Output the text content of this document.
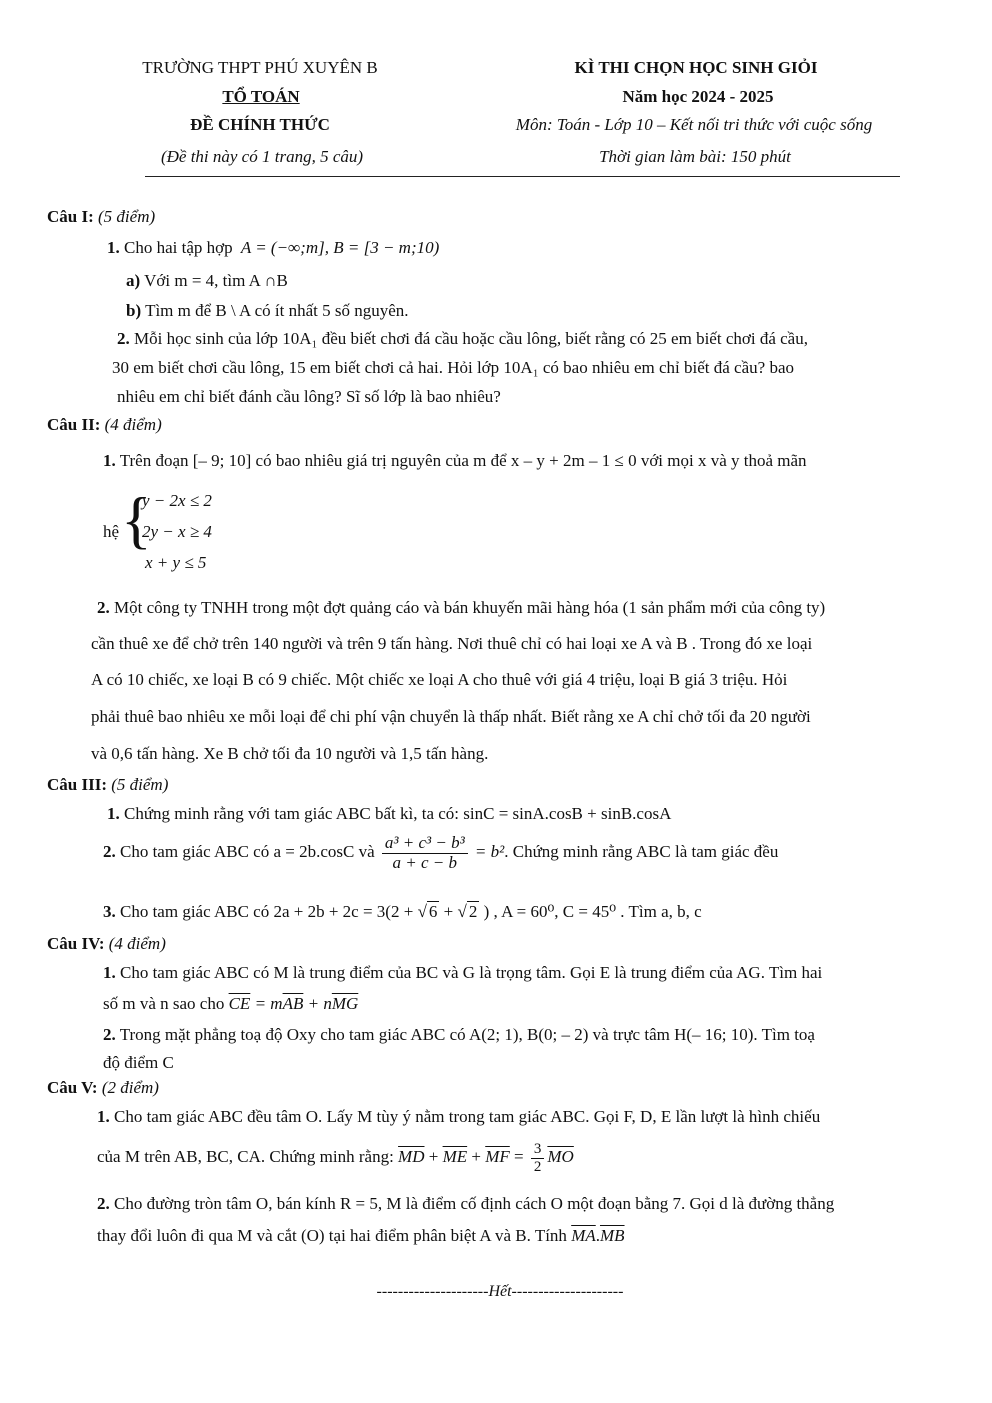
TRƯỜNG THPT PHÚ XUYÊN B
TỔ TOÁN
ĐỀ CHÍNH THỨC
(Đề thi này có 1 trang, 5 câu)
KÌ THI CHỌN HỌC SINH GIỎI
Năm học 2024 - 2025
Môn: Toán - Lớp 10 – Kết nối tri thức với cuộc sống
Thời gian làm bài: 150 phút
Câu I: (5 điểm)
1. Cho hai tập hợp A = (−∞;m], B = [3 − m;10)
a) Với m = 4, tìm A ∩B
b) Tìm m để B \ A có ít nhất 5 số nguyên.
2. Mỗi học sinh của lớp 10A₁ đều biết chơi đá cầu hoặc cầu lông, biết rằng có 25 em biết chơi đá cầu,
30 em biết chơi cầu lông, 15 em biết chơi cả hai. Hỏi lớp 10A₁ có bao nhiêu em chỉ biết đá cầu? bao
nhiêu em chỉ biết đánh cầu lông? Sĩ số lớp là bao nhiêu?
Câu II: (4 điểm)
1. Trên đoạn [– 9; 10] có bao nhiêu giá trị nguyên của m để x – y + 2m – 1 ≤ 0 với mọi x và y thoả mãn
hệ {
y − 2x ≤ 2
2y − x ≥ 4
x + y ≤ 5
2. Một công ty TNHH trong một đợt quảng cáo và bán khuyến mãi hàng hóa (1 sản phẩm mới của công ty)
cần thuê xe để chở trên 140 người và trên 9 tấn hàng. Nơi thuê chỉ có hai loại xe A và B . Trong đó xe loại
A có 10 chiếc, xe loại B có 9 chiếc. Một chiếc xe loại A cho thuê với giá 4 triệu, loại B giá 3 triệu. Hỏi
phải thuê bao nhiêu xe mỗi loại để chi phí vận chuyển là thấp nhất. Biết rằng xe A chỉ chở tối đa 20 người
và 0,6 tấn hàng. Xe B chở tối đa 10 người và 1,5 tấn hàng.
Câu III: (5 điểm)
1. Chứng minh rằng với tam giác ABC bất kì, ta có: sinC = sinA.cosB + sinB.cosA
2. Cho tam giác ABC có a = 2b.cosC và $\frac{\text{a³ + c³ − b³}}{a + c - b} = b^2$. Chứng minh rằng ABC là tam giác đều
3. Cho tam giác ABC có 2a + 2b + 2c = 3(2 + √ 6 + √ 2 ) , A = 60⁰, C = 45⁰ . Tìm a, b, c
Câu IV: (4 điểm)
1. Cho tam giác ABC có M là trung điểm của BC và G là trọng tâm. Gọi E là trung điểm của AG. Tìm hai
số m và n sao cho $\overline{CE} = m\overline{AB} + n\overline{MG}$
2. Trong mặt phẳng toạ độ Oxy cho tam giác ABC có A(2; 1), B(0; – 2) và trực tâm H(– 16; 10). Tìm toạ
độ điểm C
Câu V: (2 điểm)
1. Cho tam giác ABC đều tâm O. Lấy M tùy ý nằm trong tam giác ABC. Gọi F, D, E lần lượt là hình chiếu
của M trên AB, BC, CA. Chứng minh rằng: $\overline{MD} + \overline{ME} + \overline{MF} = \frac{3}{2} \overline{MO}$
2. Cho đường tròn tâm O, bán kính R = 5, M là điểm cố định cách O một đoạn bằng 7. Gọi d là đường thẳng
thay đổi luôn đi qua M và cắt (O) tại hai điểm phân biệt A và B. Tính $\overline{MA}.\overline{MB}$
---------------------Hết---------------------
